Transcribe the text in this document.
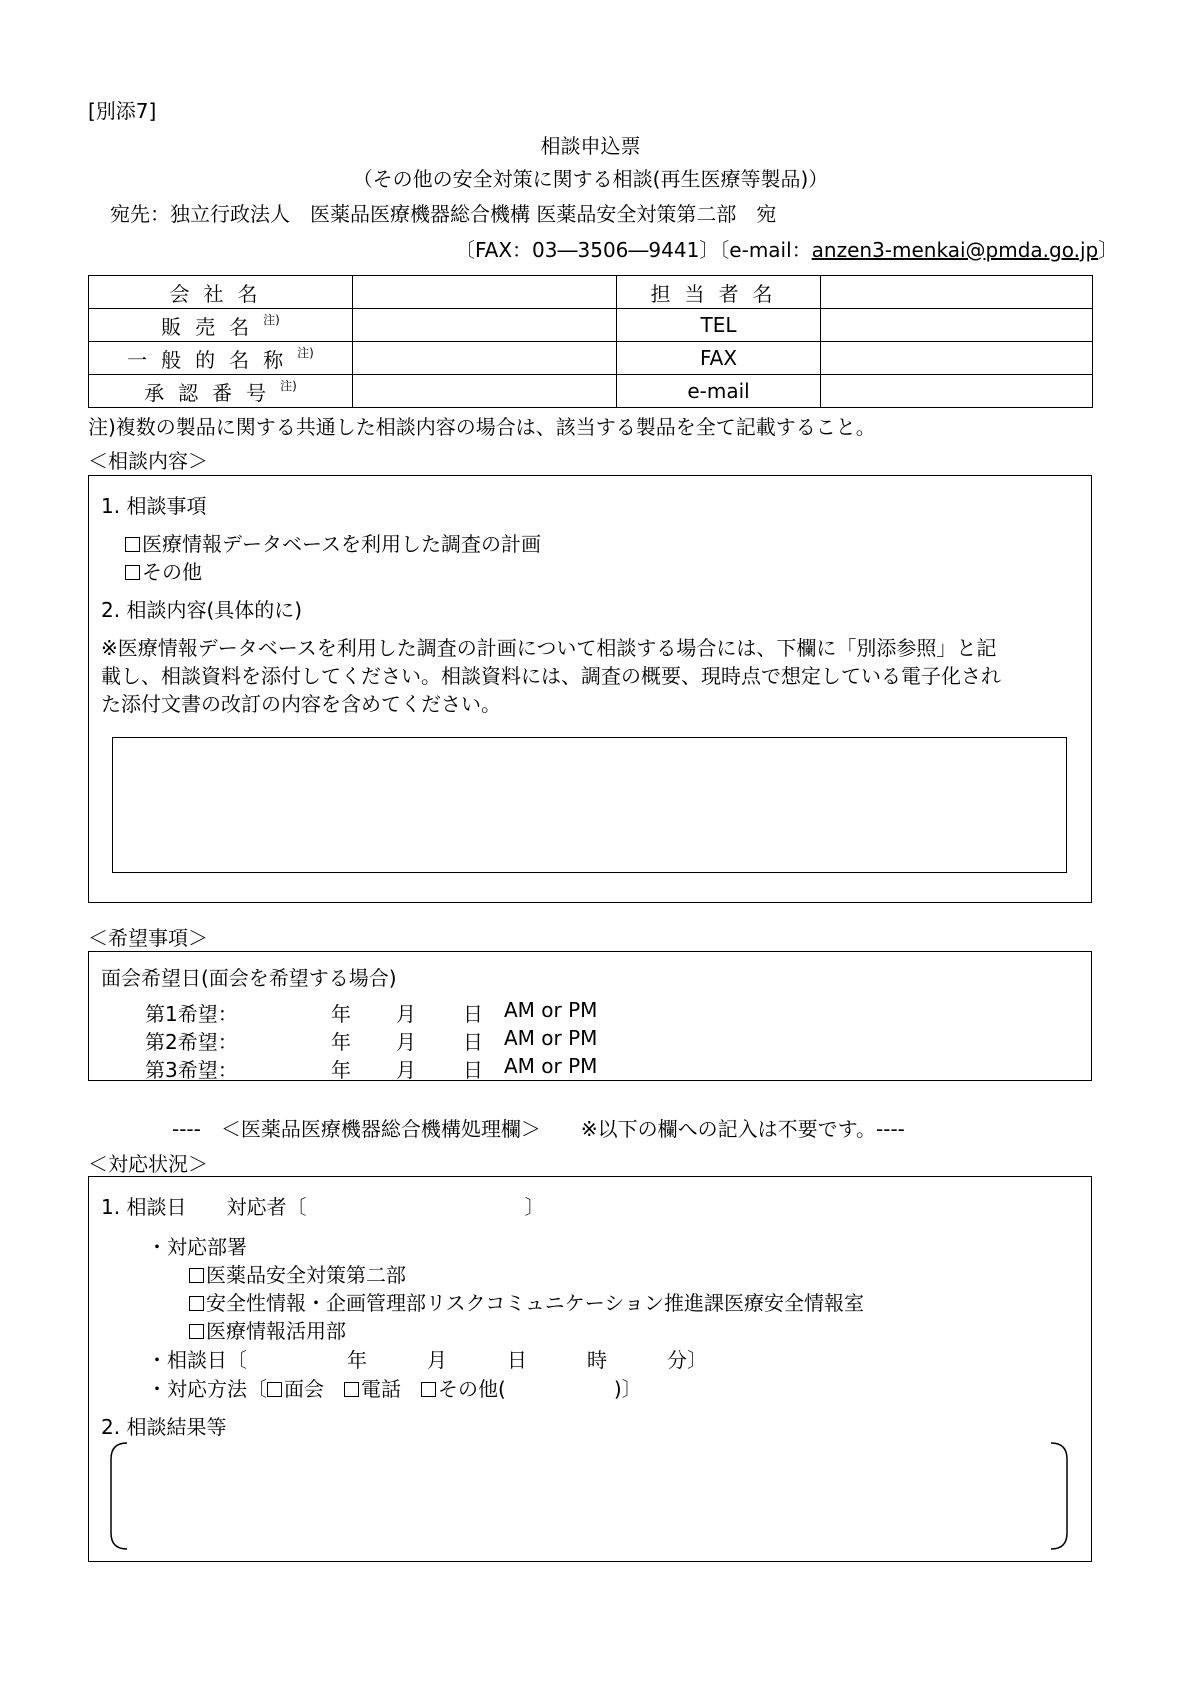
[別添7]
相談申込票
（その他の安全対策に関する相談(再生医療等製品)）
宛先：独立行政法人　医薬品医療機器総合機構 医薬品安全対策第二部　宛
〔FAX：03―3506―9441〕〔e-mail：anzen3-menkai@pmda.go.jp〕
会社名		担当者名	
販売名$^{注)}$		TEL	
一般的名称$^{注)}$		FAX	
承認番号$^{注)}$		e-mail	
注)複数の製品に関する共通した相談内容の場合は、該当する製品を全て記載すること。
＜相談内容＞
1. 相談事項
医療情報データベースを利用した調査の計画
その他
2. 相談内容(具体的に)
※医療情報データベースを利用した調査の計画について相談する場合には、下欄に「別添参照」と記
載し、相談資料を添付してください。相談資料には、調査の概要、現時点で想定している電子化され
た添付文書の改訂の内容を含めてください。
＜希望事項＞
面会希望日(面会を希望する場合)
第1希望：	年 月 日 AM or PM
第2希望：	年 月 日 AM or PM
第3希望：	年 月 日 AM or PM
----　＜医薬品医療機器総合機構処理欄＞　　※以下の欄への記入は不要です。----
＜対応状況＞
1. 相談日　　対応者〔	〕
・対応部署
医薬品安全対策第二部
安全性情報・企画管理部リスクコミュニケーション推進課医療安全情報室
医療情報活用部
・相談日〔　　　　　年　　　月　　　日　　　時　　　分〕
・対応方法〔 面会　 電話　 その他(	)〕
2. 相談結果等
